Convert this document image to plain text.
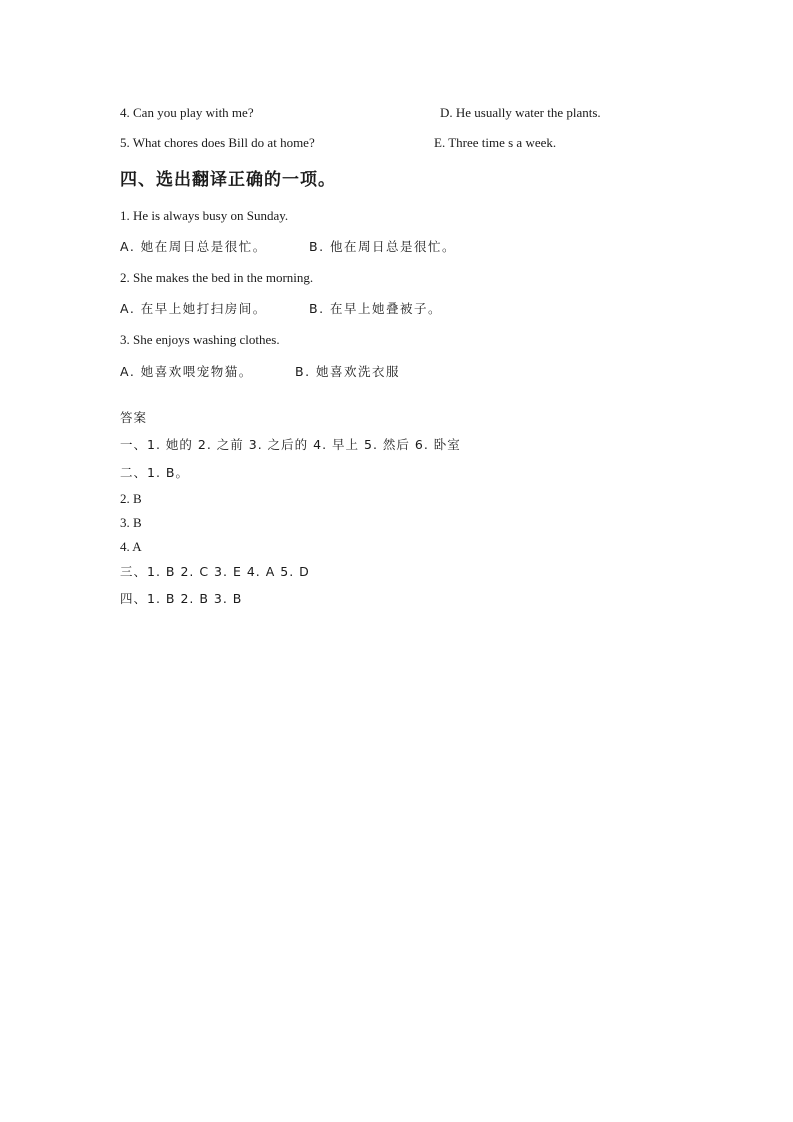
4. Can you play with me?	D. He usually water the plants.
5. What chores does Bill do at home?	E. Three time s a week.
四、选出翻译正确的一项。
1. He is always busy on Sunday.
A. 她在周日总是很忙。	B. 他在周日总是很忙。
2. She makes the bed in the morning.
A. 在早上她打扫房间。	B. 在早上她叠被子。
3. She enjoys washing clothes.
A. 她喜欢喂宠物猫。	B. 她喜欢洗衣服
答案
一、1. 她的 2. 之前 3. 之后的 4. 早上 5. 然后 6. 卧室
二、1. B。
2. B
3. B
4. A
三、1. B 2. C 3. E 4. A 5. D
四、1. B 2. B 3. B
